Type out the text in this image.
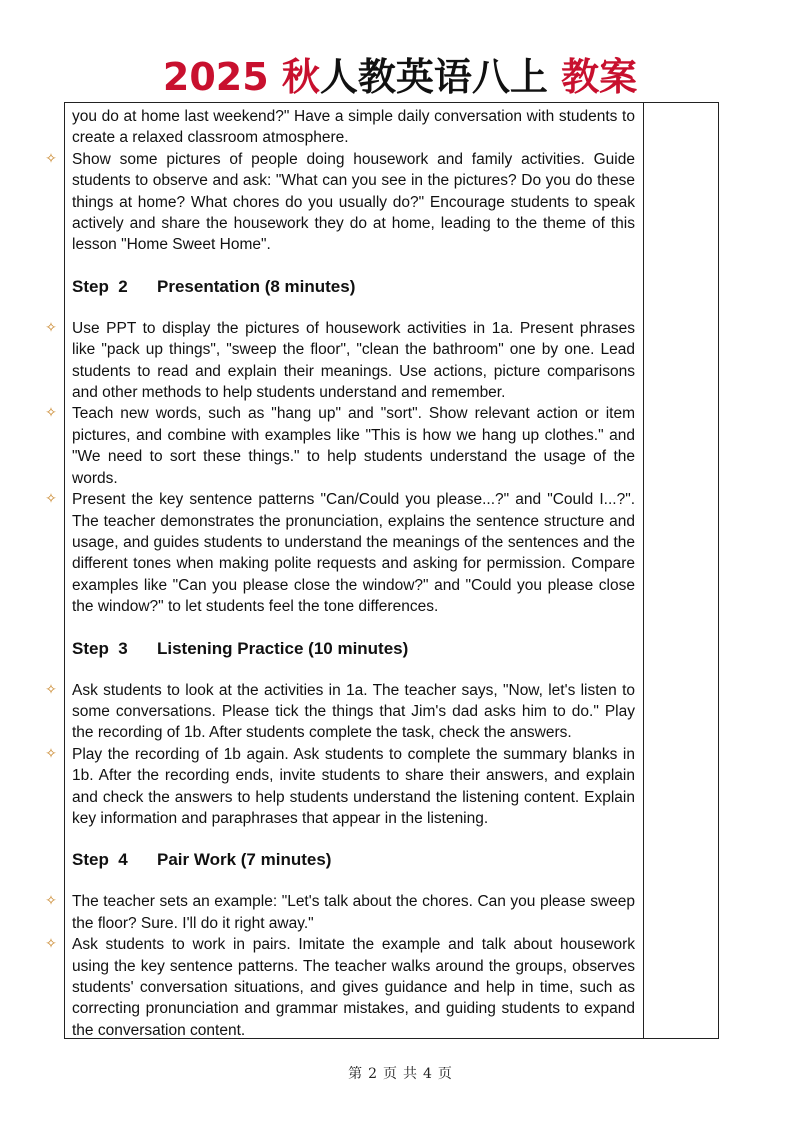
2025 秋人教英语八上 教案

you do at home last weekend?" Have a simple daily conversation with students to create a relaxed classroom atmosphere.

✧ Show some pictures of people doing housework and family activities. Guide students to observe and ask: "What can you see in the pictures? Do you do these things at home? What chores do you usually do?" Encourage students to speak actively and share the housework they do at home, leading to the theme of this lesson "Home Sweet Home".

Step  2 Presentation (8 minutes)

✧ Use PPT to display the pictures of housework activities in 1a. Present phrases like "pack up things", "sweep the floor", "clean the bathroom" one by one. Lead students to read and explain their meanings. Use actions, picture comparisons and other methods to help students understand and remember.

✧ Teach new words, such as "hang up" and "sort". Show relevant action or item pictures, and combine with examples like "This is how we hang up clothes." and "We need to sort these things." to help students understand the usage of the words.

✧ Present the key sentence patterns "Can/Could you please...?" and "Could I...?". The teacher demonstrates the pronunciation, explains the sentence structure and usage, and guides students to understand the meanings of the sentences and the different tones when making polite requests and asking for permission. Compare examples like "Can you please close the window?" and "Could you please close the window?" to let students feel the tone differences.

Step  3 Listening Practice (10 minutes)

✧ Ask students to look at the activities in 1a. The teacher says, "Now, let's listen to some conversations. Please tick the things that Jim's dad asks him to do." Play the recording of 1b. After students complete the task, check the answers.

✧ Play the recording of 1b again. Ask students to complete the summary blanks in 1b. After the recording ends, invite students to share their answers, and explain and check the answers to help students understand the listening content. Explain key information and paraphrases that appear in the listening.

Step  4 Pair Work (7 minutes)

✧ The teacher sets an example: "Let's talk about the chores. Can you please sweep the floor? Sure. I'll do it right away."

✧ Ask students to work in pairs. Imitate the example and talk about housework using the key sentence patterns. The teacher walks around the groups, observes students' conversation situations, and gives guidance and help in time, such as correcting pronunciation and grammar mistakes, and guiding students to expand the conversation content.

第 2 页 共 4 页
